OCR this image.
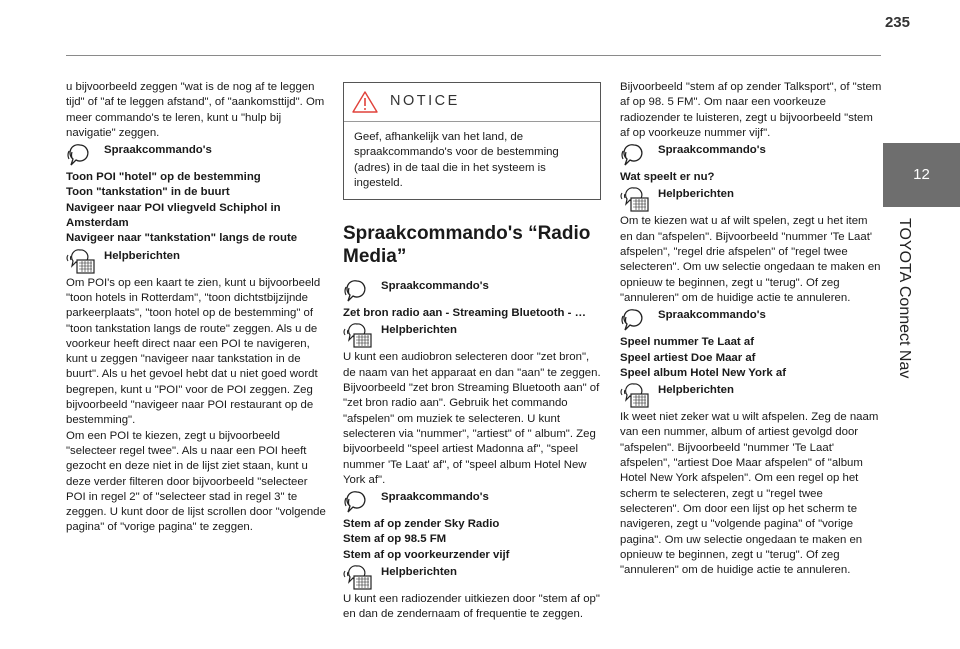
235
12
TOYOTA Connect Nav

u bijvoorbeeld zeggen "wat is de nog af te leggen tijd" of "af te leggen afstand", of "aankomsttijd". Om meer commando's te leren, kunt u "hulp bij navigatie" zeggen.

Spraakcommando's

Toon POI "hotel" op de bestemming

Toon "tankstation" in de buurt

Navigeer naar POI vliegveld Schiphol in Amsterdam

Navigeer naar "tankstation" langs de route

Helpberichten

Om POI's op een kaart te zien, kunt u bijvoorbeeld "toon hotels in Rotterdam", "toon dichtstbijzijnde parkeerplaats", "toon hotel op de bestemming" of "toon tankstation langs de route" zeggen. Als u de voorkeur heeft direct naar een POI te navigeren, kunt u zeggen "navigeer naar tankstation in de buurt". Als u het gevoel hebt dat u niet goed wordt begrepen, kunt u "POI" voor de POI zeggen. Zeg bijvoorbeeld "navigeer naar POI restaurant op de bestemming".

Om een POI te kiezen, zegt u bijvoorbeeld "selecteer regel twee". Als u naar een POI heeft gezocht en deze niet in de lijst ziet staan, kunt u deze verder filteren door bijvoorbeeld "selecteer POI in regel 2" of "selecteer stad in regel 3" te zeggen. U kunt door de lijst scrollen door "volgende pagina" of "vorige pagina" te zeggen.

NOTICE
Geef, afhankelijk van het land, de spraakcommando's voor de bestemming (adres) in de taal die in het systeem is ingesteld.
Spraakcommando's “Radio Media”
Spraakcommando's

Zet bron radio aan - Streaming Bluetooth - …

Helpberichten

U kunt een audiobron selecteren door "zet bron", de naam van het apparaat en dan "aan" te zeggen. Bijvoorbeeld "zet bron Streaming Bluetooth aan" of "zet bron radio aan". Gebruik het commando "afspelen" om muziek te selecteren. U kunt selecteren via "nummer", "artiest" of " album". Zeg bijvoorbeeld "speel artiest Madonna af", "speel nummer 'Te Laat' af", of "speel album Hotel New York af".

Spraakcommando's

Stem af op zender Sky Radio

Stem af op 98.5 FM

Stem af op voorkeurzender vijf

Helpberichten

U kunt een radiozender uitkiezen door "stem af op" en dan de zendernaam of frequentie te zeggen.

Bijvoorbeeld "stem af op zender Talksport", of "stem af op 98. 5 FM". Om naar een voorkeuze radiozender te luisteren, zegt u bijvoorbeeld "stem af op voorkeuze nummer vijf".

Spraakcommando's

Wat speelt er nu?

Helpberichten

Om te kiezen wat u af wilt spelen, zegt u het item en dan "afspelen". Bijvoorbeeld "nummer 'Te Laat' afspelen", "regel drie afspelen" of "regel twee selecteren". Om uw selectie ongedaan te maken en opnieuw te beginnen, zegt u "terug". Of zeg "annuleren" om de huidige actie te annuleren.

Spraakcommando's

Speel nummer Te Laat af

Speel artiest Doe Maar af

Speel album Hotel New York af

Helpberichten

Ik weet niet zeker wat u wilt afspelen. Zeg de naam van een nummer, album of artiest gevolgd door "afspelen". Bijvoorbeeld "nummer 'Te Laat' afspelen", "artiest Doe Maar afspelen" of "album Hotel New York afspelen". Om een regel op het scherm te selecteren, zegt u "regel twee selecteren". Om door een lijst op het scherm te navigeren, zegt u "volgende pagina" of "vorige pagina". Om uw selectie ongedaan te maken en opnieuw te beginnen, zegt u "terug". Of zeg "annuleren" om de huidige actie te annuleren.
